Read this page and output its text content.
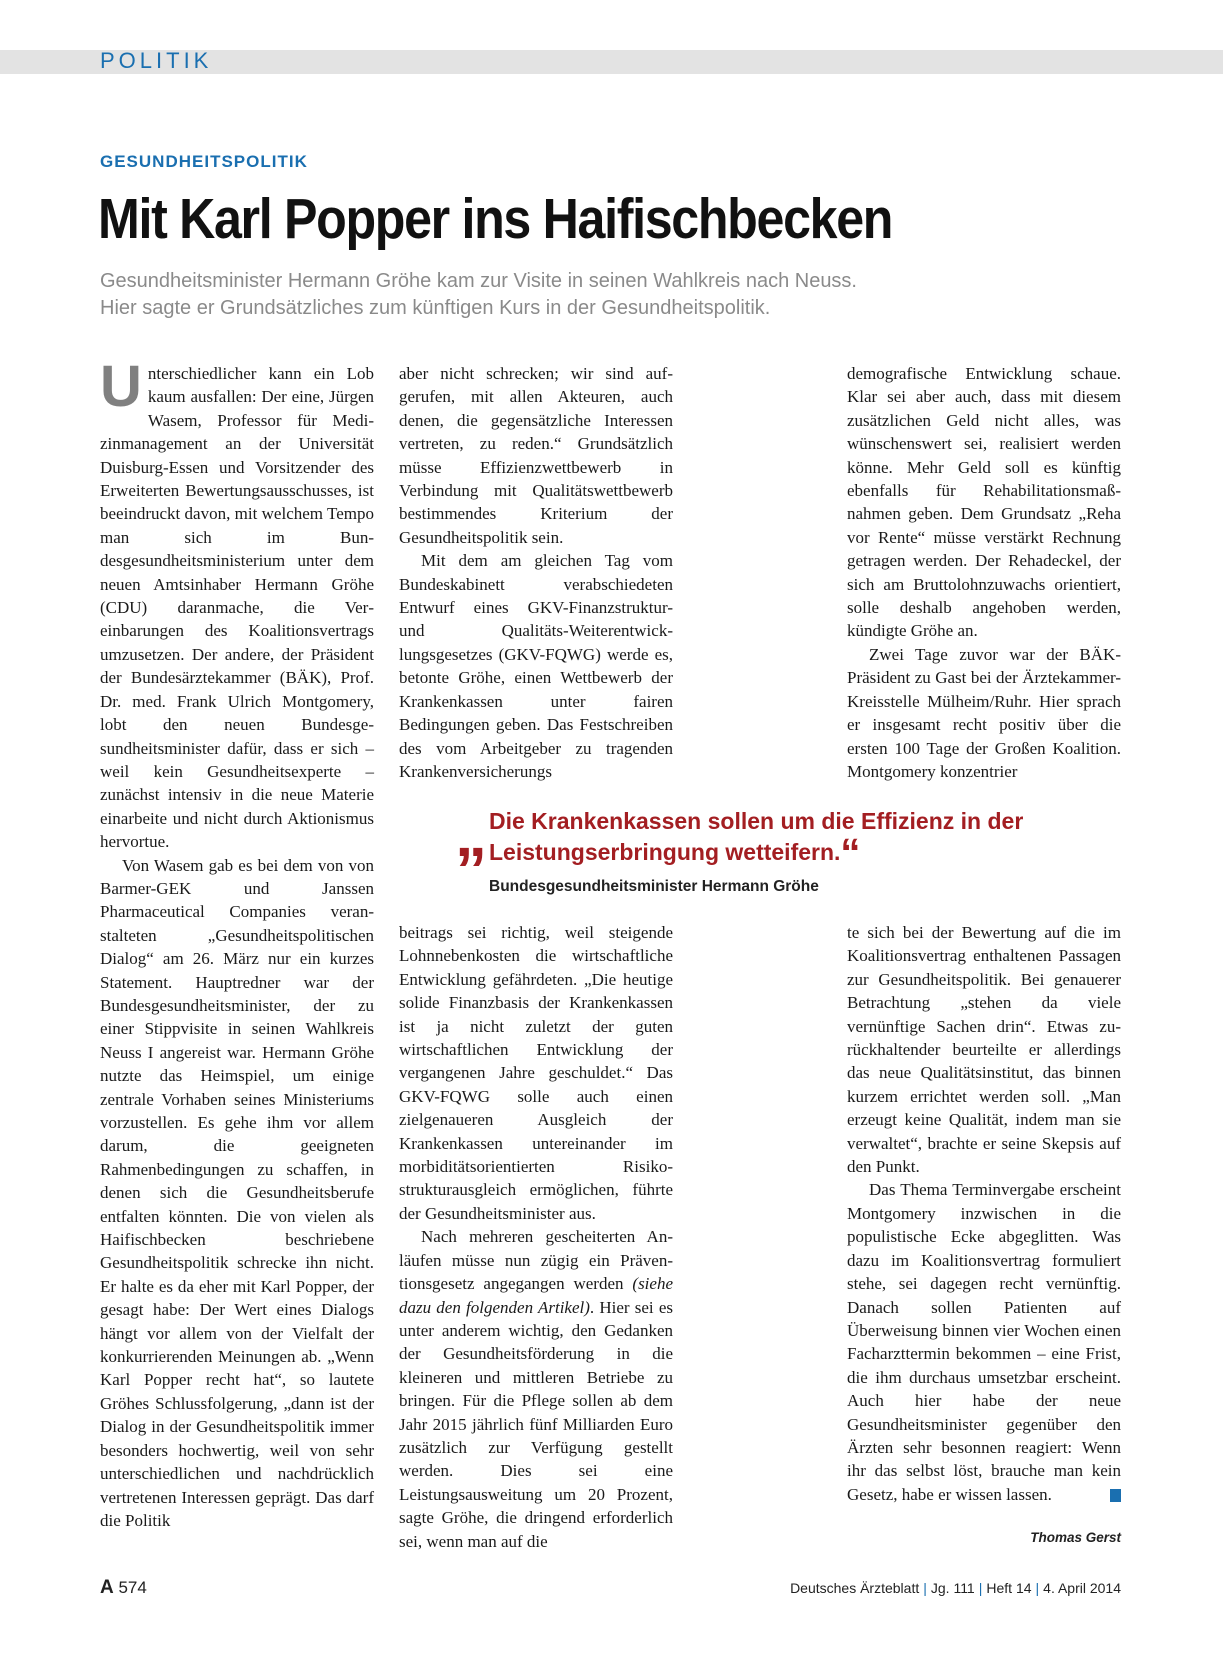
POLITIK
GESUNDHEITSPOLITIK
Mit Karl Popper ins Haifischbecken
Gesundheitsminister Hermann Gröhe kam zur Visite in seinen Wahlkreis nach Neuss.
Hier sagte er Grundsätzliches zum künftigen Kurs in der Gesundheitspolitik.

Unterschiedlicher kann ein Lob kaum ausfallen: Der eine, Jürgen Wasem, Professor für Medizinmanagement an der Universität Duisburg-Essen und Vorsitzender des Erweiterten Bewertungsausschusses, ist beeindruckt davon, mit welchem Tempo man sich im Bundesgesundheitsministerium unter dem neuen Amtsinhaber Hermann Gröhe (CDU) daranmache, die Vereinbarungen des Koalitionsvertrags umzusetzen. Der andere, der Präsident der Bundesärztekammer (BÄK), Prof. Dr. med. Frank Ulrich Montgomery, lobt den neuen Bundesgesundheitsminister dafür, dass er sich – weil kein Gesundheitsexperte – zunächst intensiv in die neue Materie einarbeite und nicht durch Aktionismus hervortue.

Von Wasem gab es bei dem von von Barmer-GEK und Janssen Pharmaceutical Companies veranstalteten „Gesundheitspolitischen Dialog“ am 26. März nur ein kurzes Statement. Hauptredner war der Bundesgesundheitsminister, der zu einer Stippvisite in seinen Wahlkreis Neuss I angereist war. Hermann Gröhe nutzte das Heimspiel, um einige zentrale Vorhaben seines Ministeriums vorzustellen. Es gehe ihm vor allem darum, die geeigneten Rahmenbedingungen zu schaffen, in denen sich die Gesundheitsberufe entfalten könnten. Die von vielen als Haifischbecken beschriebene Gesundheitspolitik schrecke ihn nicht. Er halte es da eher mit Karl Popper, der gesagt habe: Der Wert eines Dialogs hängt vor allem von der Vielfalt der konkurrierenden Meinungen ab. „Wenn Karl Popper recht hat“, so lautete Gröhes Schlussfolgerung, „dann ist der Dialog in der Gesundheitspolitik immer besonders hochwertig, weil von sehr unterschiedlichen und nachdrücklich vertretenen Interessen geprägt. Das darf die Politik

aber nicht schrecken; wir sind aufgerufen, mit allen Akteuren, auch denen, die gegensätzliche Interessen vertreten, zu reden.“ Grundsätzlich müsse Effizienzwettbewerb in Verbindung mit Qualitätswettbewerb bestimmendes Kriterium der Gesundheitspolitik sein.

Mit dem am gleichen Tag vom Bundeskabinett verabschiedeten Entwurf eines GKV-Finanzstruktur- und Qualitäts-Weiterentwicklungsgesetzes (GKV-FQWG) werde es, betonte Gröhe, einen Wettbewerb der Krankenkassen unter fairen Bedingungen geben. Das Festschreiben des vom Arbeitgeber zu tragenden Krankenversicherungs

demografische Entwicklung schaue. Klar sei aber auch, dass mit diesem zusätzlichen Geld nicht alles, was wünschenswert sei, realisiert werden könne. Mehr Geld soll es künftig ebenfalls für Rehabilitationsmaßnahmen geben. Dem Grundsatz „Reha vor Rente“ müsse verstärkt Rechnung getragen werden. Der Rehadeckel, der sich am Bruttolohnzuwachs orientiert, solle deshalb angehoben werden, kündigte Gröhe an.

Zwei Tage zuvor war der BÄK-Präsident zu Gast bei der Ärztekammer-Kreisstelle Mülheim/Ruhr. Hier sprach er insgesamt recht positiv über die ersten 100 Tage der Großen Koalition. Montgomery konzentrier

„ Die Krankenkassen sollen um die Effizienz in der
Leistungserbringung wetteifern.“
Bundesgesundheitsminister Hermann Gröhe

beitrags sei richtig, weil steigende Lohnnebenkosten die wirtschaftliche Entwicklung gefährdeten. „Die heutige solide Finanzbasis der Krankenkassen ist ja nicht zuletzt der guten wirtschaftlichen Entwicklung der vergangenen Jahre geschuldet.“ Das GKV-FQWG solle auch einen zielgenaueren Ausgleich der Krankenkassen untereinander im morbiditätsorientierten Risikostrukturausgleich ermöglichen, führte der Gesundheitsminister aus.

Nach mehreren gescheiterten Anläufen müsse nun zügig ein Präventionsgesetz angegangen werden (siehe dazu den folgenden Artikel). Hier sei es unter anderem wichtig, den Gedanken der Gesundheitsförderung in die kleineren und mittleren Betriebe zu bringen. Für die Pflege sollen ab dem Jahr 2015 jährlich fünf Milliarden Euro zusätzlich zur Verfügung gestellt werden. Dies sei eine Leistungsausweitung um 20 Prozent, sagte Gröhe, die dringend erforderlich sei, wenn man auf die

te sich bei der Bewertung auf die im Koalitionsvertrag enthaltenen Passagen zur Gesundheitspolitik. Bei genauerer Betrachtung „stehen da viele vernünftige Sachen drin“. Etwas zurückhaltender beurteilte er allerdings das neue Qualitätsinstitut, das binnen kurzem errichtet werden soll. „Man erzeugt keine Qualität, indem man sie verwaltet“, brachte er seine Skepsis auf den Punkt.

Das Thema Terminvergabe erscheint Montgomery inzwischen in die populistische Ecke abgeglitten. Was dazu im Koalitionsvertrag formuliert stehe, sei dagegen recht vernünftig. Danach sollen Patienten auf Überweisung binnen vier Wochen einen Facharzttermin bekommen – eine Frist, die ihm durchaus umsetzbar erscheint. Auch hier habe der neue Gesundheitsminister gegenüber den Ärzten sehr besonnen reagiert: Wenn ihr das selbst löst, brauche man kein Gesetz, habe er wissen lassen.

Thomas Gerst
A 574	Deutsches Ärzteblatt | Jg. 111 | Heft 14 | 4. April 2014
